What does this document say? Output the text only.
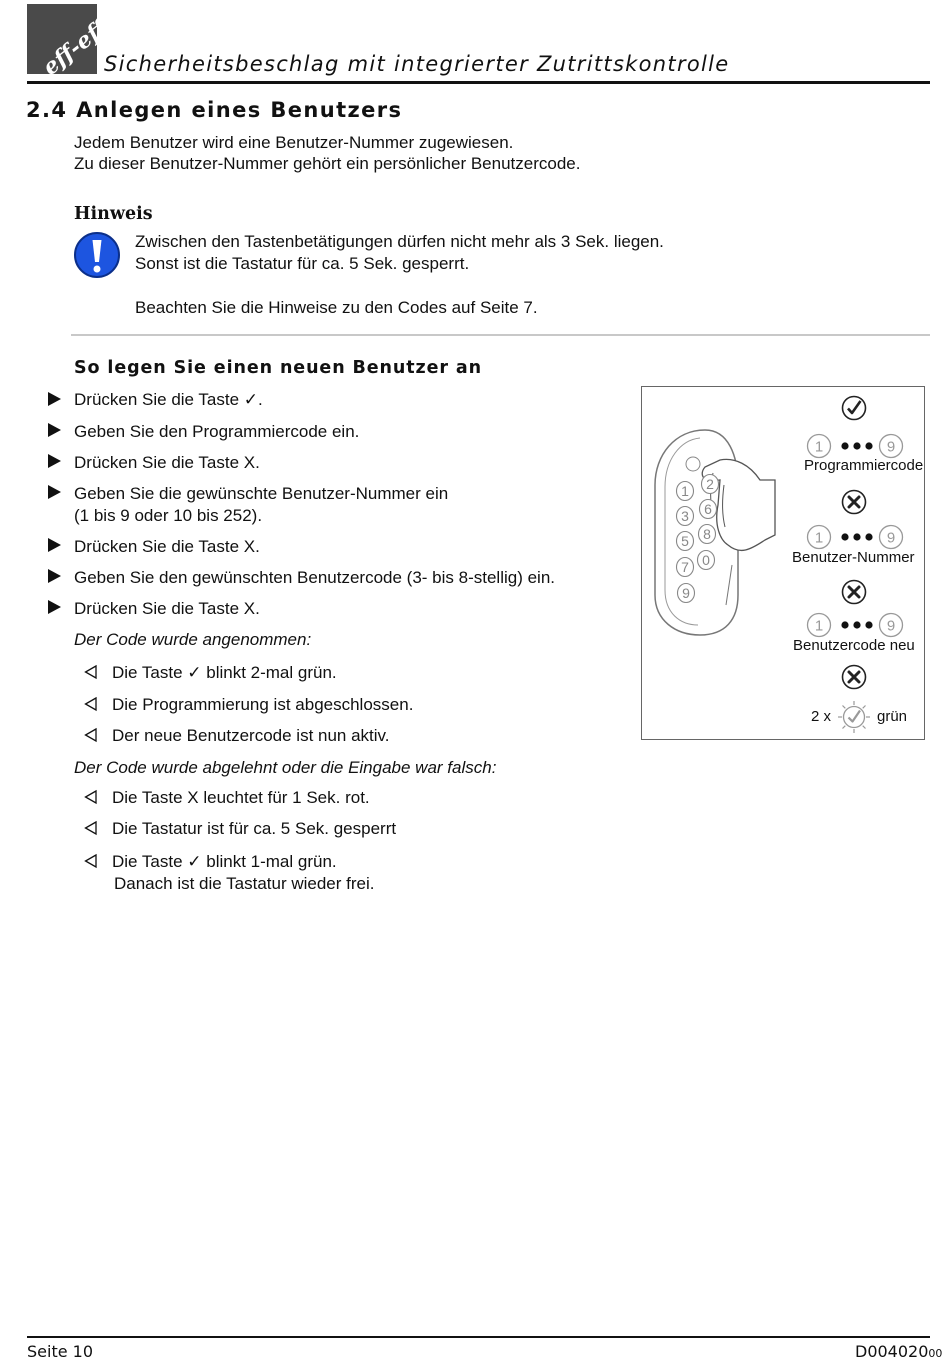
eff-eff
Sicherheitsbeschlag mit integrierter Zutrittskontrolle
2.4 Anlegen eines Benutzers
Jedem Benutzer wird eine Benutzer-Nummer zugewiesen.
Zu dieser Benutzer-Nummer gehört ein persönlicher Benutzercode.
Hinweis
Zwischen den Tastenbetätigungen dürfen nicht mehr als 3 Sek. liegen.
Sonst ist die Tastatur für ca. 5 Sek. gesperrt.
Beachten Sie die Hinweise zu den Codes auf Seite 7.
So legen Sie einen neuen Benutzer an
Drücken Sie die Taste ✓.
Geben Sie den Programmiercode ein.
Drücken Sie die Taste X.
Geben Sie die gewünschte Benutzer-Nummer ein
(1 bis 9 oder 10 bis 252).
Drücken Sie die Taste X.
Geben Sie den gewünschten Benutzercode (3- bis 8-stellig) ein.
Drücken Sie die Taste X.
Der Code wurde angenommen:
Die Taste ✓ blinkt 2-mal grün.
Die Programmierung ist abgeschlossen.
Der neue Benutzercode ist nun aktiv.
Der Code wurde abgelehnt oder die Eingabe war falsch:
Die Taste X leuchtet für 1 Sek. rot.
Die Tastatur ist für ca. 5 Sek. gesperrt
Die Taste ✓ blinkt 1-mal grün.
Danach ist die Tastatur wieder frei.
1 2
3 6
5 8
7 0
9
1	9
Programmiercode
1	9
Benutzer-Nummer
1	9
Benutzercode neu
2 x	grün
Seite 10	D00402000
